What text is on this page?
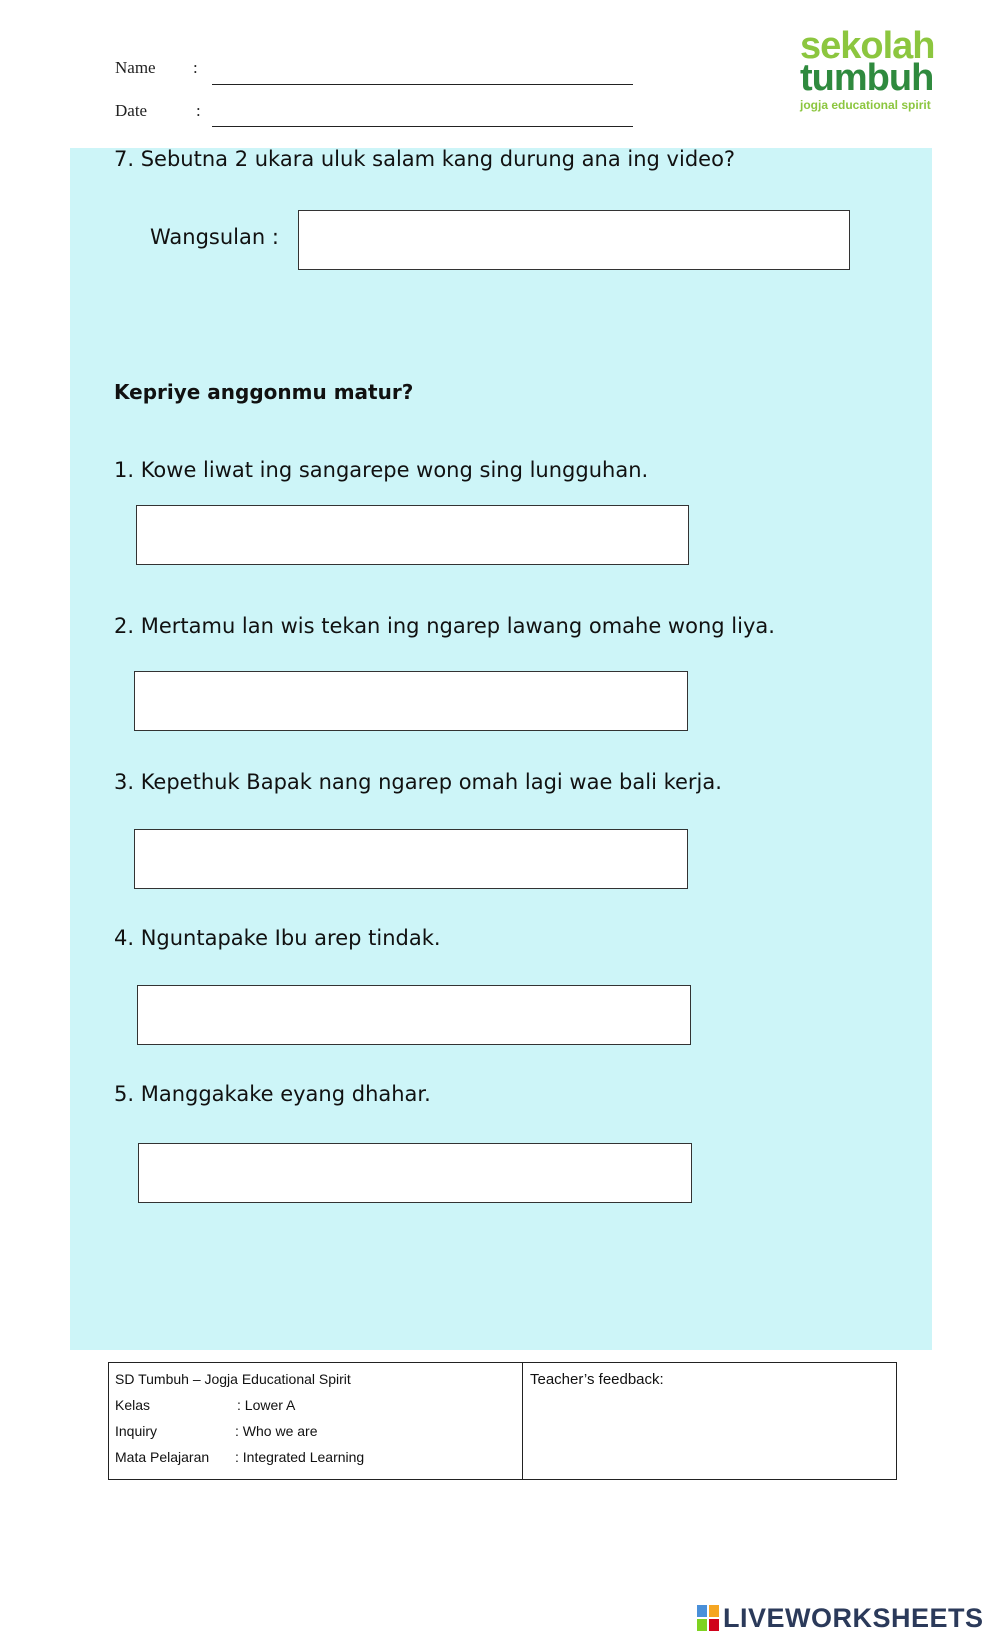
Name :
Date	:
sekolah
tumbuh
jogja educational spirit
7. Sebutna 2 ukara uluk salam kang durung ana ing video?
Wangsulan :
Kepriye anggonmu matur?
1. Kowe liwat ing sangarepe wong sing lungguhan.
2. Mertamu lan wis tekan ing ngarep lawang omahe wong liya.
3. Kepethuk Bapak nang ngarep omah lagi wae bali kerja.
4. Nguntapake Ibu arep tindak.
5. Manggakake eyang dhahar.
SD Tumbuh – Jogja Educational Spirit
Kelas	: Lower A
Inquiry	: Who we are
Mata Pelajaran : Integrated Learning
Teacher’s feedback:
LIVEWORKSHEETS
